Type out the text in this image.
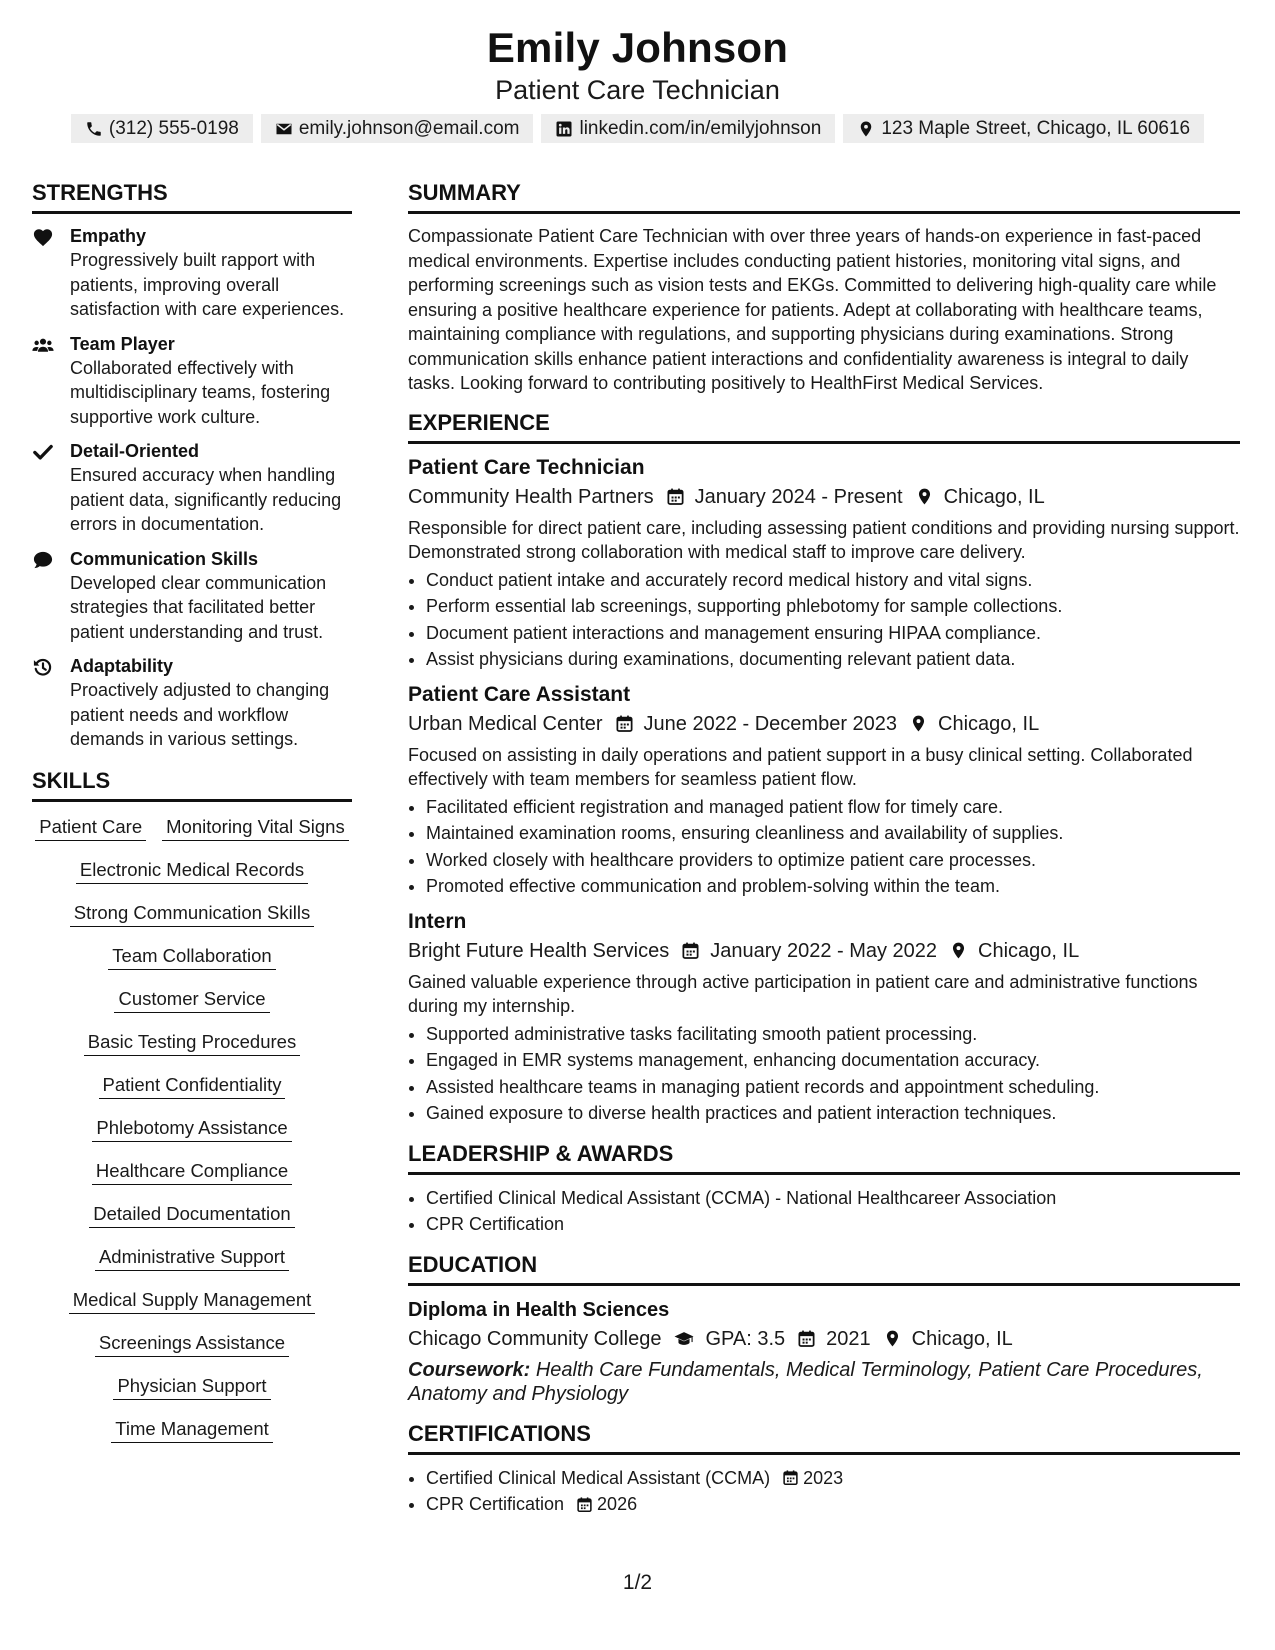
Emily Johnson
Patient Care Technician
(312) 555-0198	emily.johnson@email.com	linkedin.com/in/emilyjohnson	123 Maple Street, Chicago, IL 60616
STRENGTHS
Empathy
Progressively built rapport with patients, improving overall satisfaction with care experiences.
Team Player
Collaborated effectively with multidisciplinary teams, fostering supportive work culture.
Detail-Oriented
Ensured accuracy when handling patient data, significantly reducing errors in documentation.
Communication Skills
Developed clear communication strategies that facilitated better patient understanding and trust.
Adaptability
Proactively adjusted to changing patient needs and workflow demands in various settings.
SKILLS
Patient Care Monitoring Vital Signs
Electronic Medical Records
Strong Communication Skills
Team Collaboration
Customer Service
Basic Testing Procedures
Patient Confidentiality
Phlebotomy Assistance
Healthcare Compliance
Detailed Documentation
Administrative Support
Medical Supply Management
Screenings Assistance
Physician Support
Time Management
SUMMARY

Compassionate Patient Care Technician with over three years of hands-on experience in fast-paced medical environments. Expertise includes conducting patient histories, monitoring vital signs, and performing screenings such as vision tests and EKGs. Committed to delivering high-quality care while ensuring a positive healthcare experience for patients. Adept at collaborating with healthcare teams, maintaining compliance with regulations, and supporting physicians during examinations. Strong communication skills enhance patient interactions and confidentiality awareness is integral to daily tasks. Looking forward to contributing positively to HealthFirst Medical Services.

EXPERIENCE
Patient Care Technician
Community Health Partners January 2024 - Present Chicago, IL

Responsible for direct patient care, including assessing patient conditions and providing nursing support. Demonstrated strong collaboration with medical staff to improve care delivery.

• Conduct patient intake and accurately record medical history and vital signs.
• Perform essential lab screenings, supporting phlebotomy for sample collections.
• Document patient interactions and management ensuring HIPAA compliance.
• Assist physicians during examinations, documenting relevant patient data.
Patient Care Assistant
Urban Medical Center June 2022 - December 2023 Chicago, IL

Focused on assisting in daily operations and patient support in a busy clinical setting. Collaborated effectively with team members for seamless patient flow.

• Facilitated efficient registration and managed patient flow for timely care.
• Maintained examination rooms, ensuring cleanliness and availability of supplies.
• Worked closely with healthcare providers to optimize patient care processes.
• Promoted effective communication and problem-solving within the team.
Intern
Bright Future Health Services January 2022 - May 2022 Chicago, IL

Gained valuable experience through active participation in patient care and administrative functions during my internship.

• Supported administrative tasks facilitating smooth patient processing.
• Engaged in EMR systems management, enhancing documentation accuracy.
• Assisted healthcare teams in managing patient records and appointment scheduling.
• Gained exposure to diverse health practices and patient interaction techniques.
LEADERSHIP & AWARDS
• Certified Clinical Medical Assistant (CCMA) - National Healthcareer Association
• CPR Certification
EDUCATION
Diploma in Health Sciences
Chicago Community College GPA: 3.5 2021 Chicago, IL
Coursework: Health Care Fundamentals, Medical Terminology, Patient Care Procedures, Anatomy and Physiology
CERTIFICATIONS
• Certified Clinical Medical Assistant (CCMA) 2023
• CPR Certification 2026
1/2
